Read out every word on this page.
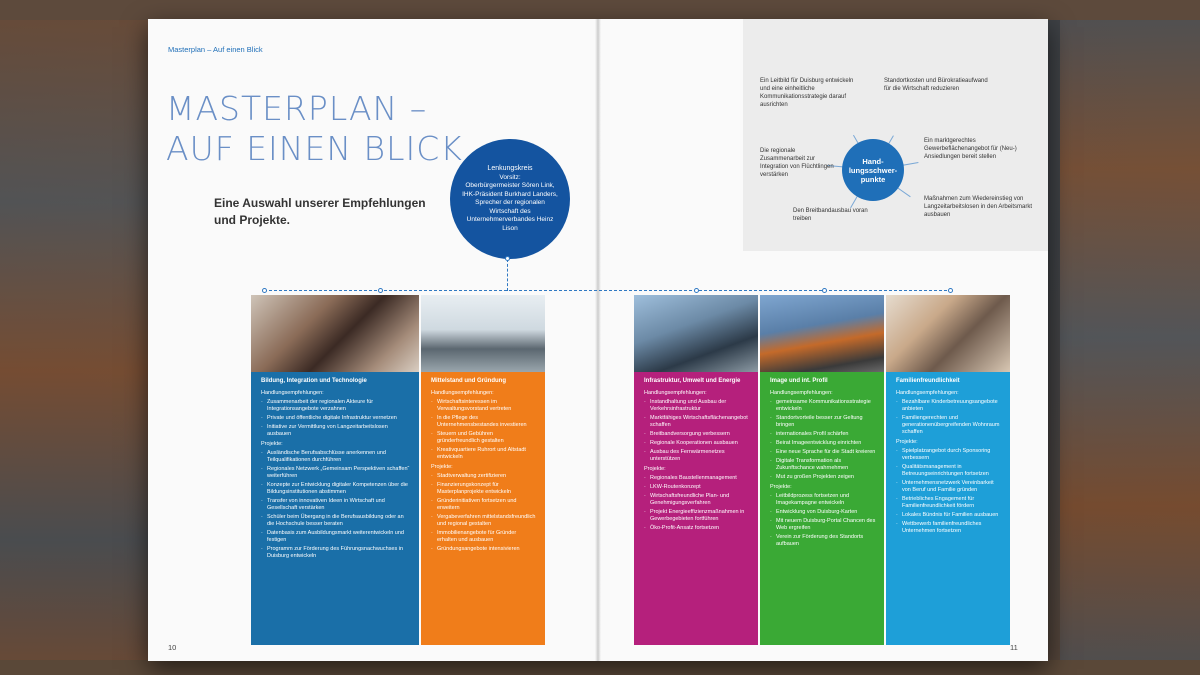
Masterplan – Auf einen Blick
10	11
MASTERPLAN –
AUF EINEN BLICK
Eine Auswahl unserer Empfehlungen und Projekte.
Lenkungskreis
Vorsitz:
Oberbürgermeister Sören Link, IHK-Präsident Burkhard Landers, Sprecher der regionalen Wirtschaft des Unternehmerverbandes Heinz Lison
Hand-lungsschwer-punkte
Ein Leitbild für Duisburg entwickeln und eine einheitliche Kommunikationsstrategie darauf ausrichten
Standortkosten und Bürokratieaufwand für die Wirtschaft reduzieren
Ein marktgerechtes Gewerbeflächenangebot für (Neu-) Ansiedlungen bereit stellen
Maßnahmen zum Wiedereinstieg von Langzeitarbeitslosen in den Arbeitsmarkt ausbauen
Den Breitbandausbau voran treiben
Die regionale Zusammenarbeit zur Integration von Flüchtlingen verstärken
Bildung, Integration und Technologie
Handlungsempfehlungen:
· Zusammenarbeit der regionalen Akteure für Integrationsangebote verzahnen
· Private und öffentliche digitale Infrastruktur vernetzen
· Initiative zur Vermittlung von Langzeitarbeitslosen ausbauen
Projekte:
· Ausländische Berufsabschlüsse anerkennen und Teilqualifikationen durchführen
· Regionales Netzwerk „Gemeinsam Perspektiven schaffen“ weiterführen
· Konzepte zur Entwicklung digitaler Kompetenzen über die Bildungsinstitutionen abstimmen
· Transfer von innovativen Ideen in Wirtschaft und Gesellschaft verstärken
· Schüler beim Übergang in die Berufsausbildung oder an die Hochschule besser beraten
· Datenbasis zum Ausbildungsmarkt weiterentwickeln und festigen
· Programm zur Förderung des Führungsnachwuchses in Duisburg entwickeln
Mittelstand und Gründung
Handlungsempfehlungen:
· Wirtschaftsinteressen im Verwaltungsvorstand vertreten
· In die Pflege des Unternehmensbestandes investieren
· Steuern und Gebühren gründerfreundlich gestalten
· Kreativquartiere Ruhrort und Altstadt entwickeln
Projekte:
· Stadtverwaltung zertifizieren
· Finanzierungskonzept für Masterplanprojekte entwickeln
· Gründerinitiativen fortsetzen und erweitern
· Vergabeverfahren mittelstandsfreundlich und regional gestalten
· Immobilienangebote für Gründer erhalten und ausbauen
· Gründungsangebote intensivieren
Infrastruktur, Umwelt und Energie
Handlungsempfehlungen:
· Instandhaltung und Ausbau der Verkehrsinfrastruktur
· Marktfähiges Wirtschaftsflächenangebot schaffen
· Breitbandversorgung verbessern
· Regionale Kooperationen ausbauen
· Ausbau des Fernwärmenetzes unterstützen
Projekte:
· Regionales Baustellenmanagement
· LKW-Routenkonzept
· Wirtschaftsfreundliche Plan- und Genehmigungsverfahren
· Projekt Energieeffizienzmaßnahmen in Gewerbegebieten fortführen
· Öko-Profit-Ansatz fortsetzen
Image und int. Profil
Handlungsempfehlungen:
· gemeinsame Kommunikationsstrategie entwickeln
· Standortvorteile besser zur Geltung bringen
· internationales Profil schärfen
· Beirat Imageentwicklung einrichten
· Eine neue Sprache für die Stadt kreieren
· Digitale Transformation als Zukunftschance wahrnehmen
· Mut zu großen Projekten zeigen
Projekte:
· Leitbildprozess fortsetzen und Imagekampagne entwickeln
· Entwicklung von Duisburg-Karten
· Mit neuem Duisburg-Portal Chancen des Web ergreifen
· Verein zur Förderung des Standorts aufbauen
Familienfreundlichkeit
Handlungsempfehlungen:
· Bezahlbare Kinderbetreuungsangebote anbieten
· Familiengerechten und generationenübergreifenden Wohnraum schaffen
Projekte:
· Spielplatzangebot durch Sponsoring verbessern
· Qualitätsmanagement in Betreuungseinrichtungen fortsetzen
· Unternehmensnetzwerk Vereinbarkeit von Beruf und Familie gründen
· Betriebliches Engagement für Familienfreundlichkeit fördern
· Lokales Bündnis für Familien ausbauen
· Wettbewerb familienfreundliches Unternehmen fortsetzen
